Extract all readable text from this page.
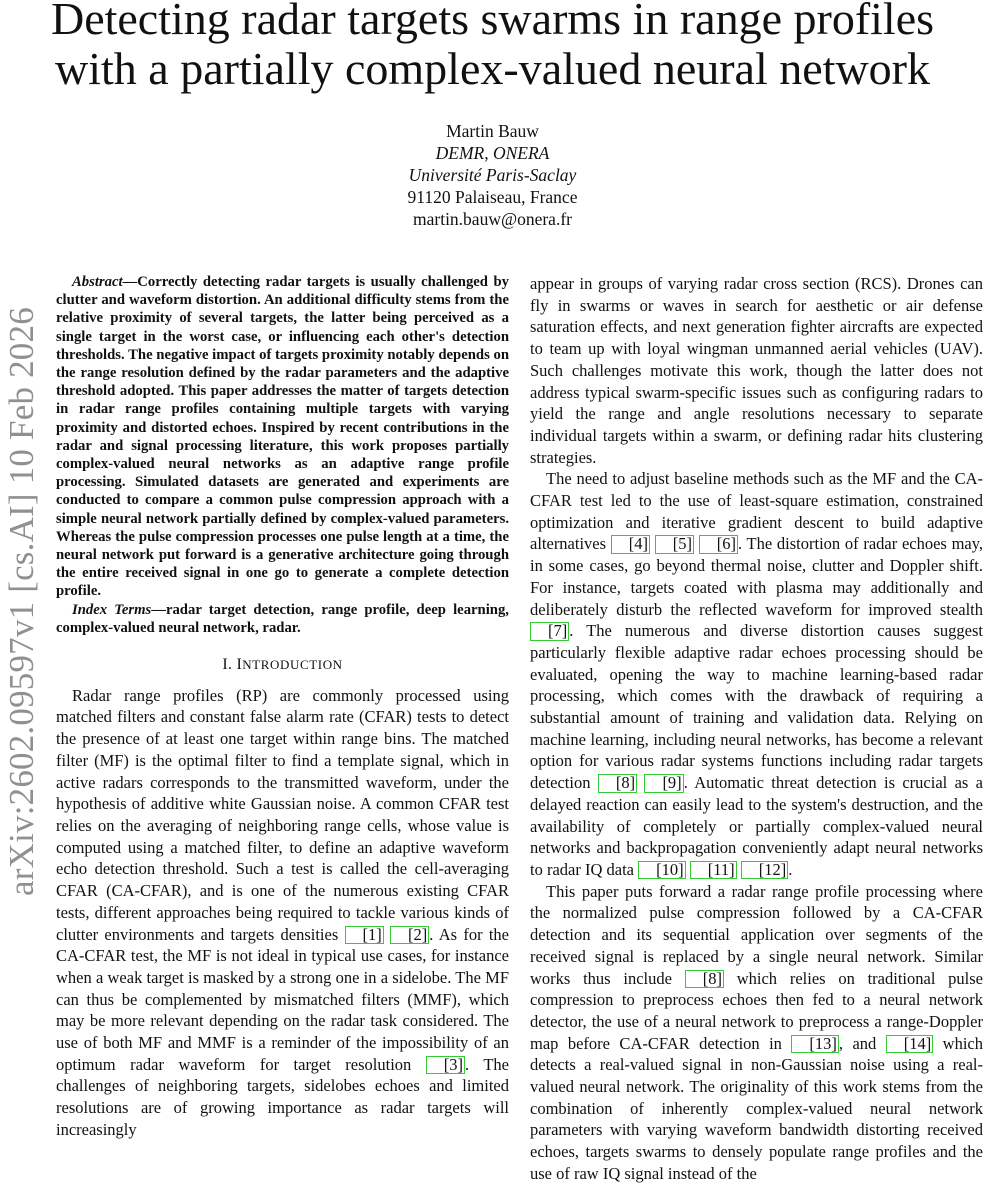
arXiv:2602.09597v1 [cs.AI] 10 Feb 2026
Detecting radar targets swarms in range profiles with a partially complex-valued neural network
Martin Bauw
DEMR, ONERA
Université Paris-Saclay
91120 Palaiseau, France
martin.bauw@onera.fr

Abstract—Correctly detecting radar targets is usually challenged by clutter and waveform distortion. An additional difficulty stems from the relative proximity of several targets, the latter being perceived as a single target in the worst case, or influencing each other's detection thresholds. The negative impact of targets proximity notably depends on the range resolution defined by the radar parameters and the adaptive threshold adopted. This paper addresses the matter of targets detection in radar range profiles containing multiple targets with varying proximity and distorted echoes. Inspired by recent contributions in the radar and signal processing literature, this work proposes partially complex-valued neural networks as an adaptive range profile processing. Simulated datasets are generated and experiments are conducted to compare a common pulse compression approach with a simple neural network partially defined by complex-valued parameters. Whereas the pulse compression processes one pulse length at a time, the neural network put forward is a generative architecture going through the entire received signal in one go to generate a complete detection profile.

Index Terms—radar target detection, range profile, deep learning, complex-valued neural network, radar.

I. INTRODUCTION

Radar range profiles (RP) are commonly processed using matched filters and constant false alarm rate (CFAR) tests to detect the presence of at least one target within range bins. The matched filter (MF) is the optimal filter to find a template signal, which in active radars corresponds to the transmitted waveform, under the hypothesis of additive white Gaussian noise. A common CFAR test relies on the averaging of neighboring range cells, whose value is computed using a matched filter, to define an adaptive waveform echo detection threshold. Such a test is called the cell-averaging CFAR (CA-CFAR), and is one of the numerous existing CFAR tests, different approaches being required to tackle various kinds of clutter environments and targets densities [1] [2] . As for the CA-CFAR test, the MF is not ideal in typical use cases, for instance when a weak target is masked by a strong one in a sidelobe. The MF can thus be complemented by mismatched filters (MMF), which may be more relevant depending on the radar task considered. The use of both MF and MMF is a reminder of the impossibility of an optimum radar waveform for target resolution [3] . The challenges of neighboring targets, sidelobes echoes and limited resolutions are of growing importance as radar targets will increasingly

appear in groups of varying radar cross section (RCS). Drones can fly in swarms or waves in search for aesthetic or air defense saturation effects, and next generation fighter aircrafts are expected to team up with loyal wingman unmanned aerial vehicles (UAV). Such challenges motivate this work, though the latter does not address typical swarm-specific issues such as configuring radars to yield the range and angle resolutions necessary to separate individual targets within a swarm, or defining radar hits clustering strategies.

The need to adjust baseline methods such as the MF and the CA-CFAR test led to the use of least-square estimation, constrained optimization and iterative gradient descent to build adaptive alternatives [4] [5] [6] . The distortion of radar echoes may, in some cases, go beyond thermal noise, clutter and Doppler shift. For instance, targets coated with plasma may additionally and deliberately disturb the reflected waveform for improved stealth [7] . The numerous and diverse distortion causes suggest particularly flexible adaptive radar echoes processing should be evaluated, opening the way to machine learning-based radar processing, which comes with the drawback of requiring a substantial amount of training and validation data. Relying on machine learning, including neural networks, has become a relevant option for various radar systems functions including radar targets detection [8] [9] . Automatic threat detection is crucial as a delayed reaction can easily lead to the system's destruction, and the availability of completely or partially complex-valued neural networks and backpropagation conveniently adapt neural networks to radar IQ data [10] [11] [12] .

This paper puts forward a radar range profile processing where the normalized pulse compression followed by a CA-CFAR detection and its sequential application over segments of the received signal is replaced by a single neural network. Similar works thus include [8] which relies on traditional pulse compression to preprocess echoes then fed to a neural network detector, the use of a neural network to preprocess a range-Doppler map before CA-CFAR detection in [13] , and [14] which detects a real-valued signal in non-Gaussian noise using a real-valued neural network. The originality of this work stems from the combination of inherently complex-valued neural network parameters with varying waveform bandwidth distorting received echoes, targets swarms to densely populate range profiles and the use of raw IQ signal instead of the
